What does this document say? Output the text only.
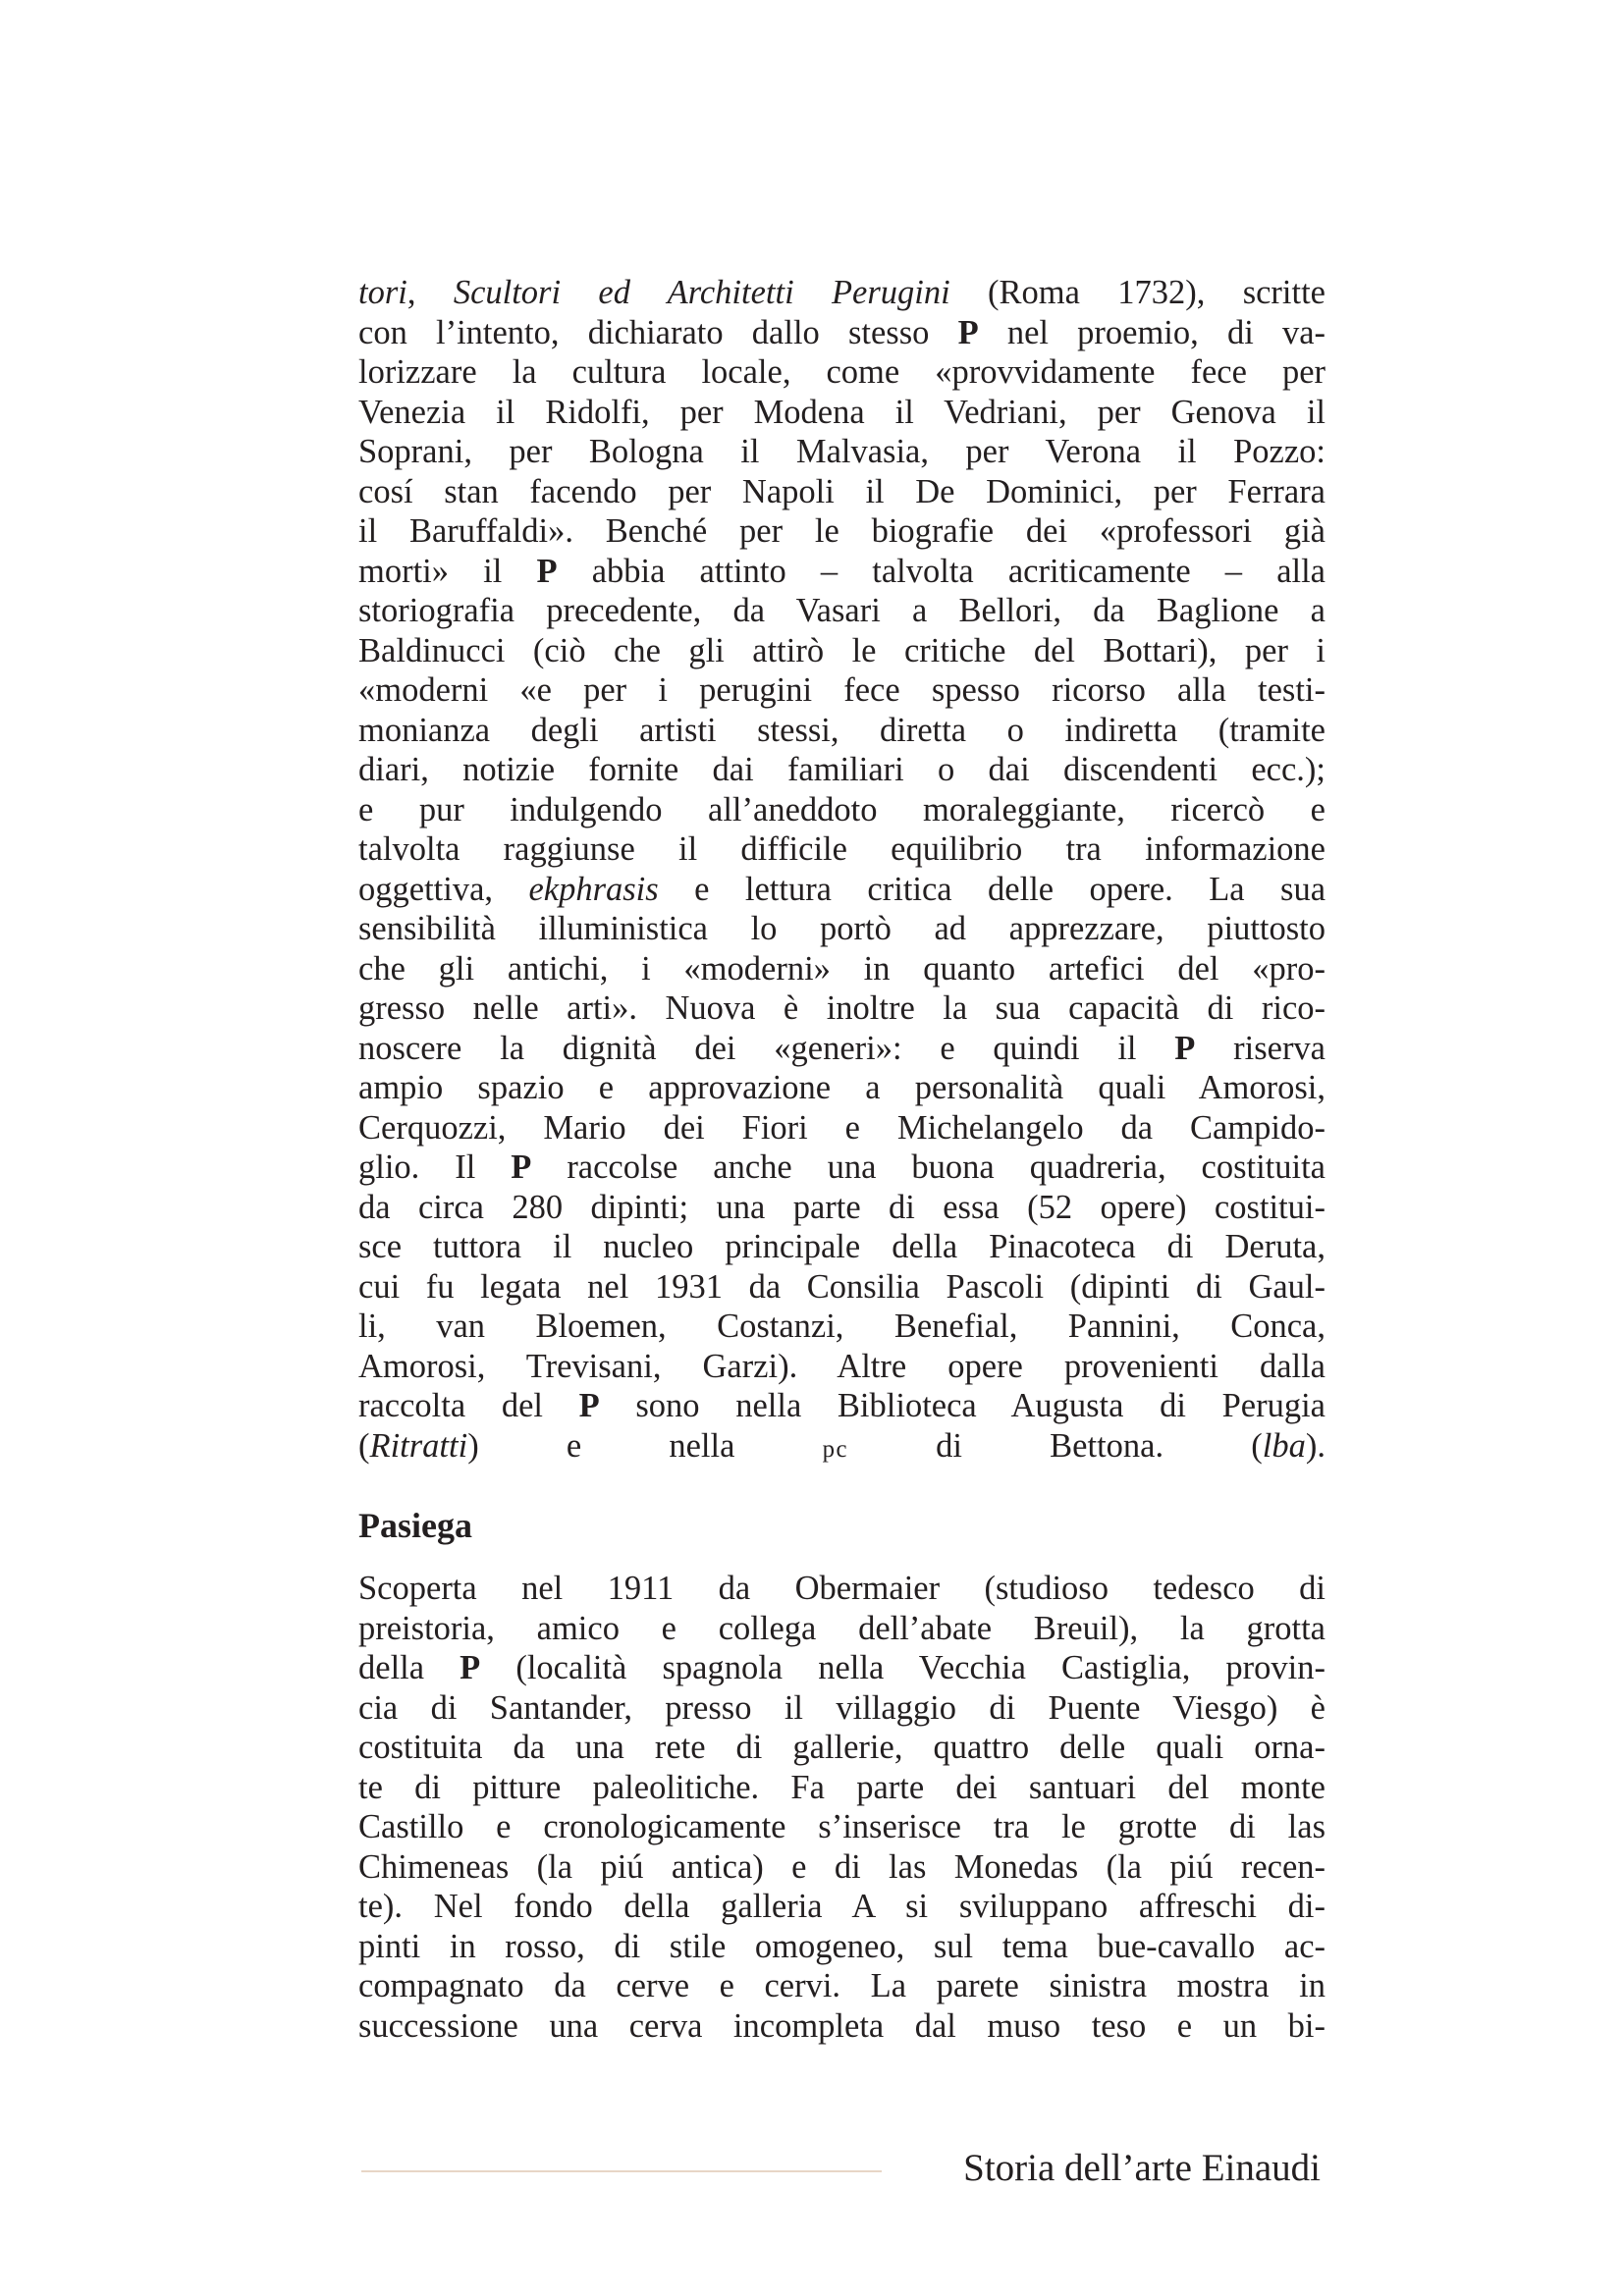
tori, Scultori ed Architetti Perugini (Roma 1732), scritte
con l’intento, dichiarato dallo stesso P nel proemio, di va-
lorizzare la cultura locale, come «provvidamente fece per
Venezia il Ridolfi, per Modena il Vedriani, per Genova il
Soprani, per Bologna il Malvasia, per Verona il Pozzo:
cosí stan facendo per Napoli il De Dominici, per Ferrara
il Baruffaldi». Benché per le biografie dei «professori già
morti» il P abbia attinto – talvolta acriticamente – alla
storiografia precedente, da Vasari a Bellori, da Baglione a
Baldinucci (ciò che gli attirò le critiche del Bottari), per i
«moderni «e per i perugini fece spesso ricorso alla testi-
monianza degli artisti stessi, diretta o indiretta (tramite
diari, notizie fornite dai familiari o dai discendenti ecc.);
e pur indulgendo all’aneddoto moraleggiante, ricercò e
talvolta raggiunse il difficile equilibrio tra informazione
oggettiva, ekphrasis e lettura critica delle opere. La sua
sensibilità illuministica lo portò ad apprezzare, piuttosto
che gli antichi, i «moderni» in quanto artefici del «pro-
gresso nelle arti». Nuova è inoltre la sua capacità di rico-
noscere la dignità dei «generi»: e quindi il P riserva
ampio spazio e approvazione a personalità quali Amorosi,
Cerquozzi, Mario dei Fiori e Michelangelo da Campido-
glio. Il P raccolse anche una buona quadreria, costituita
da circa 280 dipinti; una parte di essa (52 opere) costitui-
sce tuttora il nucleo principale della Pinacoteca di Deruta,
cui fu legata nel 1931 da Consilia Pascoli (dipinti di Gaul-
li, van Bloemen, Costanzi, Benefial, Pannini, Conca,
Amorosi, Trevisani, Garzi). Altre opere provenienti dalla
raccolta del P sono nella Biblioteca Augusta di Perugia
(Ritratti) e nella pc di Bettona. (lba).
Pasiega
Scoperta nel 1911 da Obermaier (studioso tedesco di
preistoria, amico e collega dell’abate Breuil), la grotta
della P (località spagnola nella Vecchia Castiglia, provin-
cia di Santander, presso il villaggio di Puente Viesgo) è
costituita da una rete di gallerie, quattro delle quali orna-
te di pitture paleolitiche. Fa parte dei santuari del monte
Castillo e cronologicamente s’inserisce tra le grotte di las
Chimeneas (la piú antica) e di las Monedas (la piú recen-
te). Nel fondo della galleria A si sviluppano affreschi di-
pinti in rosso, di stile omogeneo, sul tema bue-cavallo ac-
compagnato da cerve e cervi. La parete sinistra mostra in
successione una cerva incompleta dal muso teso e un bi-
Storia dell’arte Einaudi
